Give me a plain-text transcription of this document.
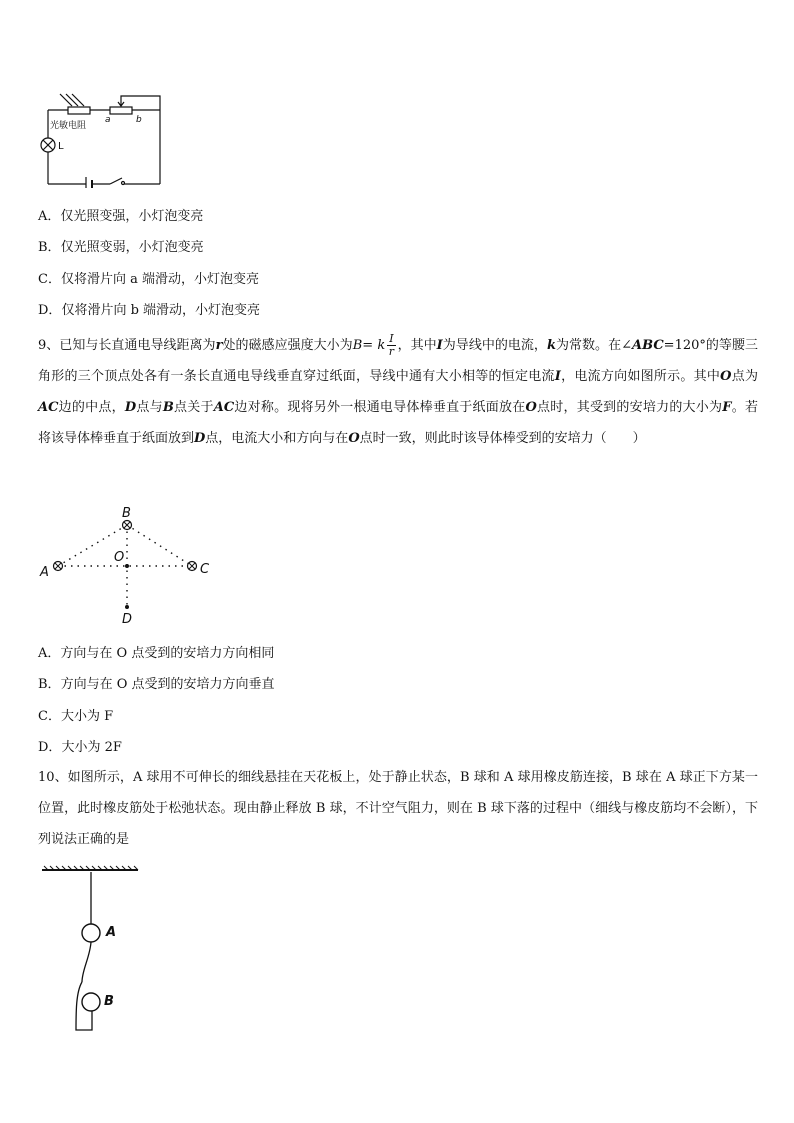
光敏电阻
a	b
L
A．仅光照变强，小灯泡变亮
B．仅光照变弱，小灯泡变亮
C．仅将滑片向 a 端滑动，小灯泡变亮
D．仅将滑片向 b 端滑动，小灯泡变亮
9、已知与长直通电导线距离为r处的磁感应强度大小为B= k $\frac{I}{r}$ ，其中I为导线中的电流，k为常数。在∠ABC=120°的等腰三角形的三个顶点处各有一条长直通电导线垂直穿过纸面，导线中通有大小相等的恒定电流I，电流方向如图所示。其中O点为AC边的中点，D点与B点关于AC边对称。现将另外一根通电导体棒垂直于纸面放在O点时，其受到的安培力的大小为F。若将该导体棒垂直于纸面放到D点，电流大小和方向与在O点时一致，则此时该导体棒受到的安培力（　　）
A
B
C
O
D
A．方向与在 O 点受到的安培力方向相同
B．方向与在 O 点受到的安培力方向垂直
C．大小为 F
D．大小为 2F
10、如图所示，A 球用不可伸长的细线悬挂在天花板上，处于静止状态，B 球和 A 球用橡皮筋连接，B 球在 A 球正下方某一位置，此时橡皮筋处于松弛状态。现由静止释放 B 球，不计空气阻力，则在 B 球下落的过程中（细线与橡皮筋均不会断），下列说法正确的是
A
B
